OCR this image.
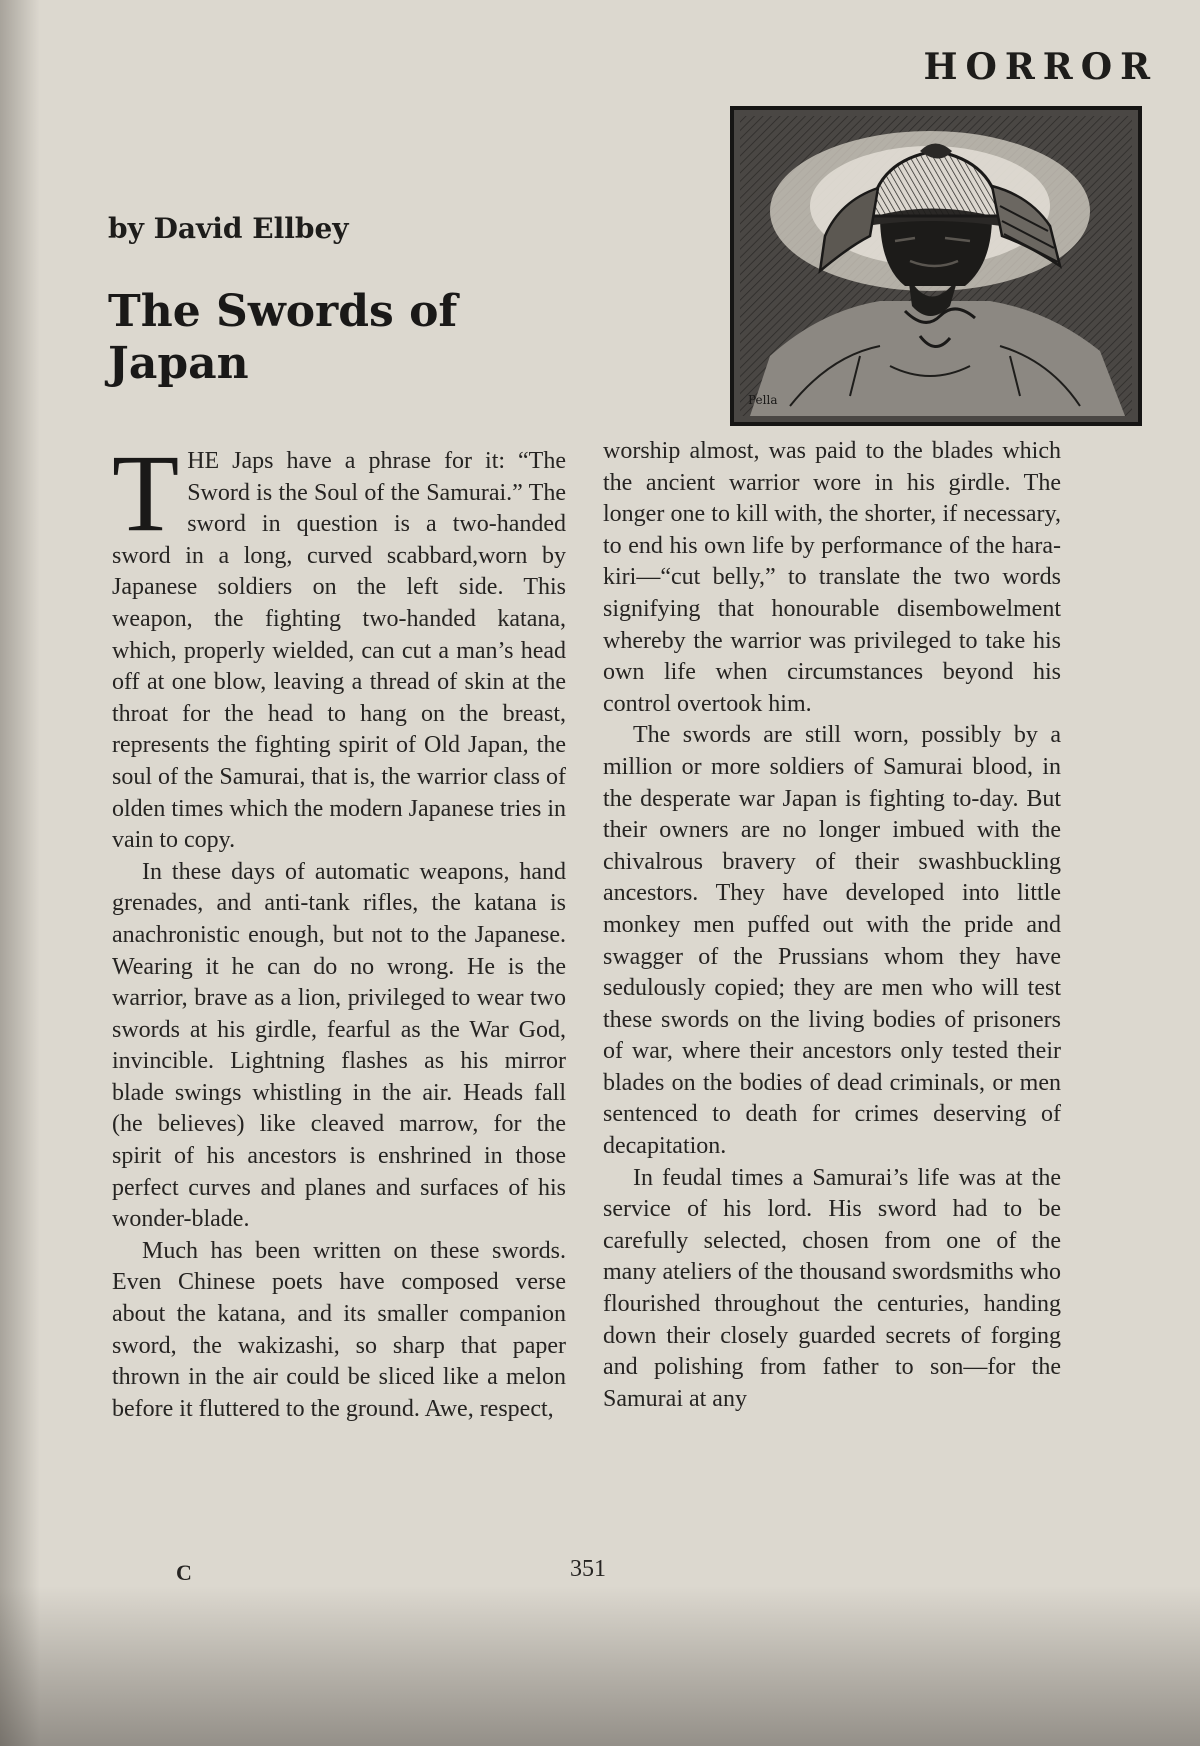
HORROR
Pella
by David Ellbey
The Swords of Japan

THE Japs have a phrase for it: “The Sword is the Soul of the Samurai.” The sword in question is a two-handed sword in a long, curved scabbard,worn by Japanese soldiers on the left side. This weapon, the fighting two-handed katana, which, properly wielded, can cut a man’s head off at one blow, leaving a thread of skin at the throat for the head to hang on the breast, represents the fighting spirit of Old Japan, the soul of the Samurai, that is, the warrior class of olden times which the modern Japanese tries in vain to copy.

In these days of automatic weapons, hand grenades, and anti-tank rifles, the katana is anachronistic enough, but not to the Japanese. Wearing it he can do no wrong. He is the warrior, brave as a lion, privileged to wear two swords at his girdle, fearful as the War God, invincible. Lightning flashes as his mirror blade swings whistling in the air. Heads fall (he believes) like cleaved marrow, for the spirit of his ancestors is enshrined in those perfect curves and planes and surfaces of his wonder-blade.

Much has been written on these swords. Even Chinese poets have composed verse about the katana, and its smaller companion sword, the wakizashi, so sharp that paper thrown in the air could be sliced like a melon before it fluttered to the ground. Awe, respect,

worship almost, was paid to the blades which the ancient warrior wore in his girdle. The longer one to kill with, the shorter, if necessary, to end his own life by performance of the hara-kiri—“cut belly,” to translate the two words signifying that honourable disembowelment whereby the warrior was privileged to take his own life when circumstances beyond his control overtook him.

The swords are still worn, possibly by a million or more soldiers of Samurai blood, in the desperate war Japan is fighting to-day. But their owners are no longer imbued with the chivalrous bravery of their swashbuckling ancestors. They have developed into little monkey men puffed out with the pride and swagger of the Prussians whom they have sedulously copied; they are men who will test these swords on the living bodies of prisoners of war, where their ancestors only tested their blades on the bodies of dead criminals, or men sentenced to death for crimes deserving of decapitation.

In feudal times a Samurai’s life was at the service of his lord. His sword had to be carefully selected, chosen from one of the many ateliers of the thousand swordsmiths who flourished throughout the centuries, handing down their closely guarded secrets of forging and polishing from father to son—for the Samurai at any

C	351
